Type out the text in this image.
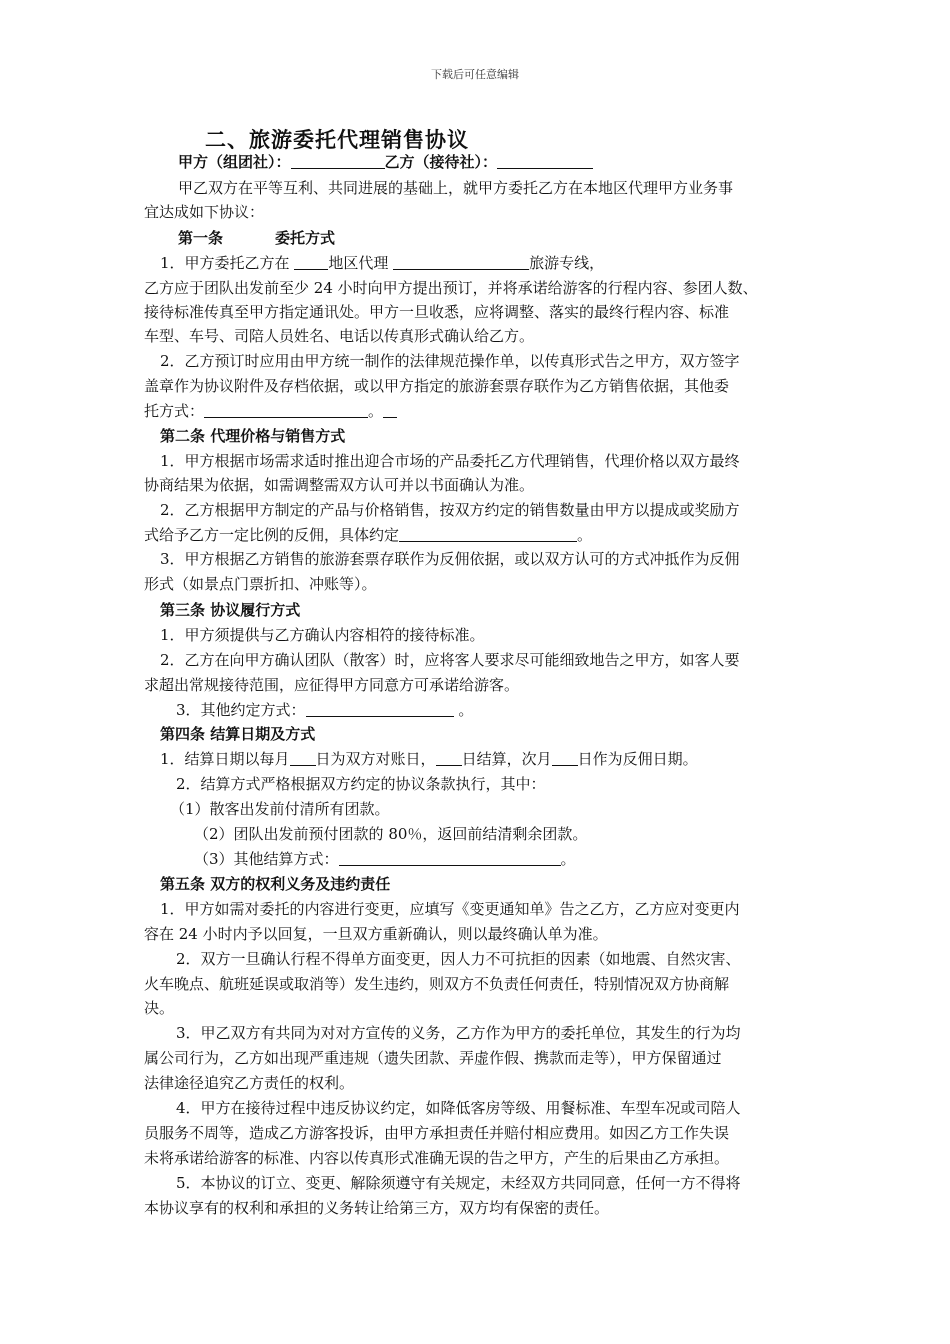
下载后可任意编辑
二、旅游委托代理销售协议
甲方（组团社）：	乙方（接待社）：
甲乙双方在平等互利、共同进展的基础上，就甲方委托乙方在本地区代理甲方业务事
宜达成如下协议：
第一条	委托方式
1．甲方委托乙方在	地区代理	旅游专线，
乙方应于团队出发前至少 24 小时向甲方提出预订，并将承诺给游客的行程内容、参团人数、
接待标准传真至甲方指定通讯处。甲方一旦收悉，应将调整、落实的最终行程内容、标准
车型、车号、司陪人员姓名、电话以传真形式确认给乙方。
2．乙方预订时应用由甲方统一制作的法律规范操作单，以传真形式告之甲方，双方签字
盖章作为协议附件及存档依据，或以甲方指定的旅游套票存联作为乙方销售依据，其他委
托方式：	。
第二条 代理价格与销售方式
1．甲方根据市场需求适时推出迎合市场的产品委托乙方代理销售，代理价格以双方最终
协商结果为依据，如需调整需双方认可并以书面确认为准。
2．乙方根据甲方制定的产品与价格销售，按双方约定的销售数量由甲方以提成或奖励方
式给予乙方一定比例的反佣，具体约定	。
3．甲方根据乙方销售的旅游套票存联作为反佣依据，或以双方认可的方式冲抵作为反佣
形式（如景点门票折扣、冲账等）。
第三条 协议履行方式
1．甲方须提供与乙方确认内容相符的接待标准。
2．乙方在向甲方确认团队（散客）时，应将客人要求尽可能细致地告之甲方，如客人要
求超出常规接待范围，应征得甲方同意方可承诺给游客。
3．其他约定方式：	。
第四条 结算日期及方式
1．结算日期以每月 日为双方对账日， 日结算，次月 日作为反佣日期。
2．结算方式严格根据双方约定的协议条款执行，其中：
（1）散客出发前付清所有团款。
（2）团队出发前预付团款的 80％，返回前结清剩余团款。
（3）其他结算方式：	。
第五条 双方的权利义务及违约责任
1．甲方如需对委托的内容进行变更，应填写《变更通知单》告之乙方，乙方应对变更内
容在 24 小时内予以回复，一旦双方重新确认，则以最终确认单为准。
2．双方一旦确认行程不得单方面变更，因人力不可抗拒的因素（如地震、自然灾害、
火车晚点、航班延误或取消等）发生违约，则双方不负责任何责任，特别情况双方协商解
决。
3．甲乙双方有共同为对对方宣传的义务，乙方作为甲方的委托单位，其发生的行为均
属公司行为，乙方如出现严重违规（遗失团款、弄虚作假、携款而走等），甲方保留通过
法律途径追究乙方责任的权利。
4．甲方在接待过程中违反协议约定，如降低客房等级、用餐标准、车型车况或司陪人
员服务不周等，造成乙方游客投诉，由甲方承担责任并赔付相应费用。如因乙方工作失误
未将承诺给游客的标准、内容以传真形式准确无误的告之甲方，产生的后果由乙方承担。
5．本协议的订立、变更、解除须遵守有关规定，未经双方共同同意，任何一方不得将
本协议享有的权利和承担的义务转让给第三方，双方均有保密的责任。
